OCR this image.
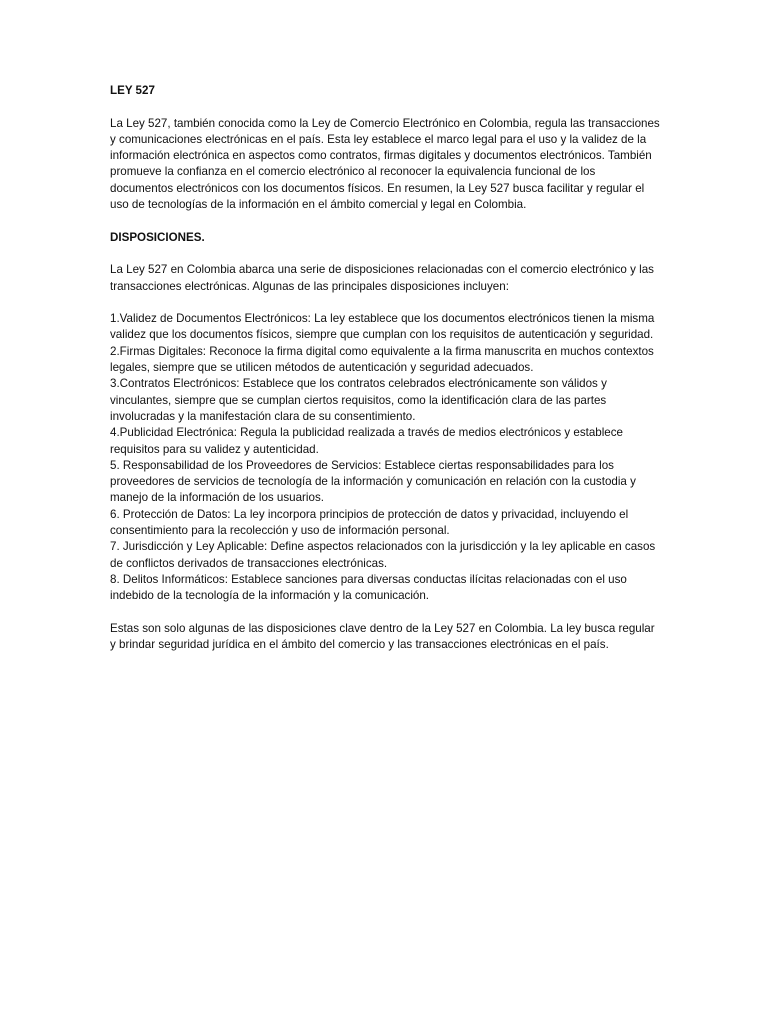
LEY 527

La Ley 527, también conocida como la Ley de Comercio Electrónico en Colombia, regula las transacciones y comunicaciones electrónicas en el país. Esta ley establece el marco legal para el uso y la validez de la información electrónica en aspectos como contratos, firmas digitales y documentos electrónicos. También promueve la confianza en el comercio electrónico al reconocer la equivalencia funcional de los documentos electrónicos con los documentos físicos. En resumen, la Ley 527 busca facilitar y regular el uso de tecnologías de la información en el ámbito comercial y legal en Colombia.

DISPOSICIONES.

La Ley 527 en Colombia abarca una serie de disposiciones relacionadas con el comercio electrónico y las transacciones electrónicas. Algunas de las principales disposiciones incluyen:

1.Validez de Documentos Electrónicos: La ley establece que los documentos electrónicos tienen la misma validez que los documentos físicos, siempre que cumplan con los requisitos de autenticación y seguridad.

2.Firmas Digitales: Reconoce la firma digital como equivalente a la firma manuscrita en muchos contextos legales, siempre que se utilicen métodos de autenticación y seguridad adecuados.

3.Contratos Electrónicos: Establece que los contratos celebrados electrónicamente son válidos y vinculantes, siempre que se cumplan ciertos requisitos, como la identificación clara de las partes involucradas y la manifestación clara de su consentimiento.

4.Publicidad Electrónica: Regula la publicidad realizada a través de medios electrónicos y establece requisitos para su validez y autenticidad.

5. Responsabilidad de los Proveedores de Servicios: Establece ciertas responsabilidades para los proveedores de servicios de tecnología de la información y comunicación en relación con la custodia y manejo de la información de los usuarios.

6. Protección de Datos: La ley incorpora principios de protección de datos y privacidad, incluyendo el consentimiento para la recolección y uso de información personal.

7. Jurisdicción y Ley Aplicable: Define aspectos relacionados con la jurisdicción y la ley aplicable en casos de conflictos derivados de transacciones electrónicas.

8. Delitos Informáticos: Establece sanciones para diversas conductas ilícitas relacionadas con el uso indebido de la tecnología de la información y la comunicación.

Estas son solo algunas de las disposiciones clave dentro de la Ley 527 en Colombia. La ley busca regular y brindar seguridad jurídica en el ámbito del comercio y las transacciones electrónicas en el país.
